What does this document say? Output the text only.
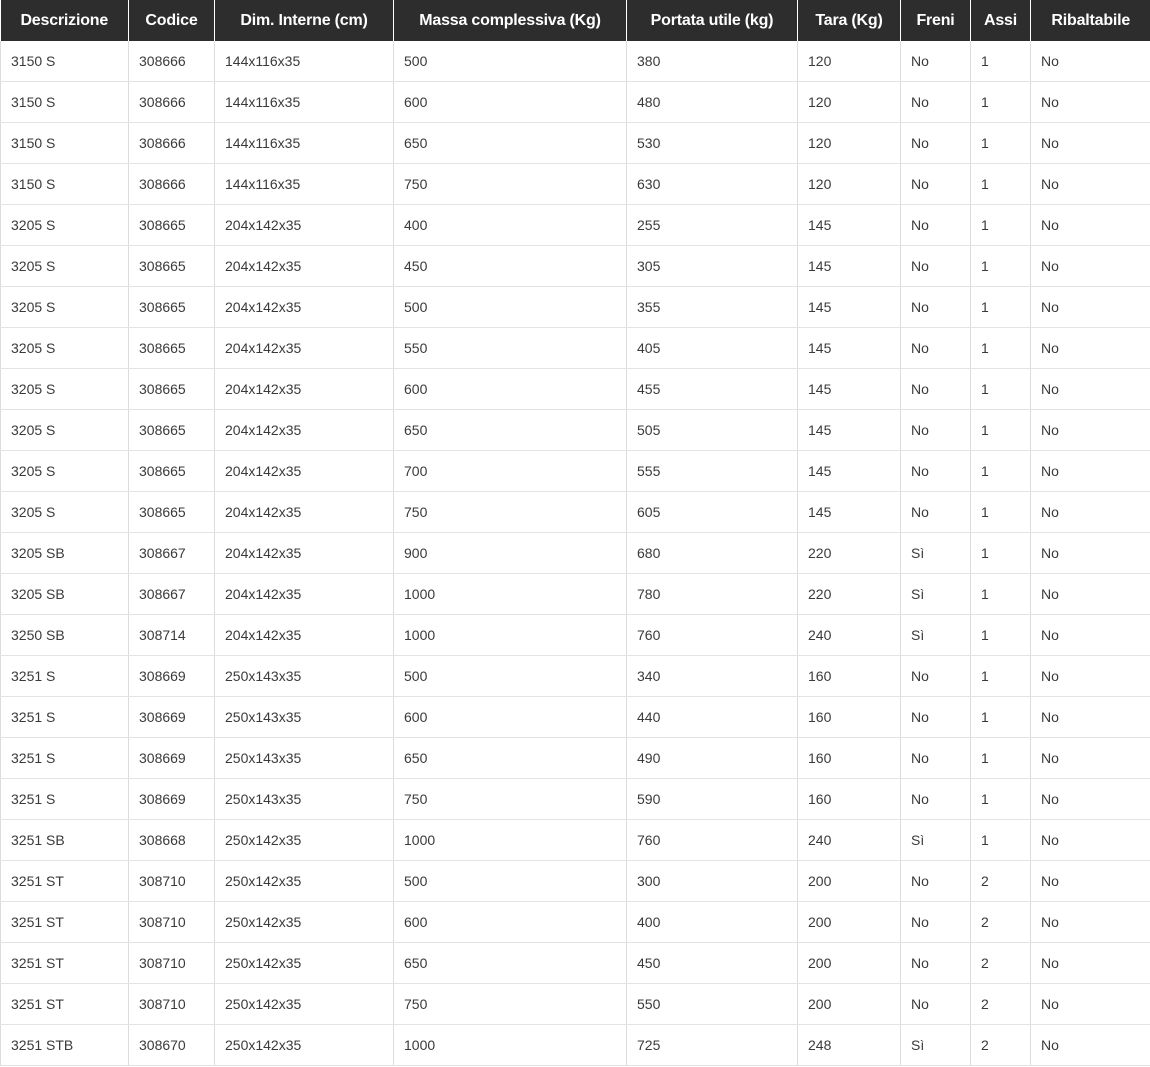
Descrizione	Codice	Dim. Interne (cm)	Massa complessiva (Kg)	Portata utile (kg)	Tara (Kg)	Freni	Assi	Ribaltabile
3150 S	308666	144x116x35	500	380	120	No	1	No
3150 S	308666	144x116x35	600	480	120	No	1	No
3150 S	308666	144x116x35	650	530	120	No	1	No
3150 S	308666	144x116x35	750	630	120	No	1	No
3205 S	308665	204x142x35	400	255	145	No	1	No
3205 S	308665	204x142x35	450	305	145	No	1	No
3205 S	308665	204x142x35	500	355	145	No	1	No
3205 S	308665	204x142x35	550	405	145	No	1	No
3205 S	308665	204x142x35	600	455	145	No	1	No
3205 S	308665	204x142x35	650	505	145	No	1	No
3205 S	308665	204x142x35	700	555	145	No	1	No
3205 S	308665	204x142x35	750	605	145	No	1	No
3205 SB	308667	204x142x35	900	680	220	Sì	1	No
3205 SB	308667	204x142x35	1000	780	220	Sì	1	No
3250 SB	308714	204x142x35	1000	760	240	Sì	1	No
3251 S	308669	250x143x35	500	340	160	No	1	No
3251 S	308669	250x143x35	600	440	160	No	1	No
3251 S	308669	250x143x35	650	490	160	No	1	No
3251 S	308669	250x143x35	750	590	160	No	1	No
3251 SB	308668	250x142x35	1000	760	240	Sì	1	No
3251 ST	308710	250x142x35	500	300	200	No	2	No
3251 ST	308710	250x142x35	600	400	200	No	2	No
3251 ST	308710	250x142x35	650	450	200	No	2	No
3251 ST	308710	250x142x35	750	550	200	No	2	No
3251 STB	308670	250x142x35	1000	725	248	Sì	2	No
